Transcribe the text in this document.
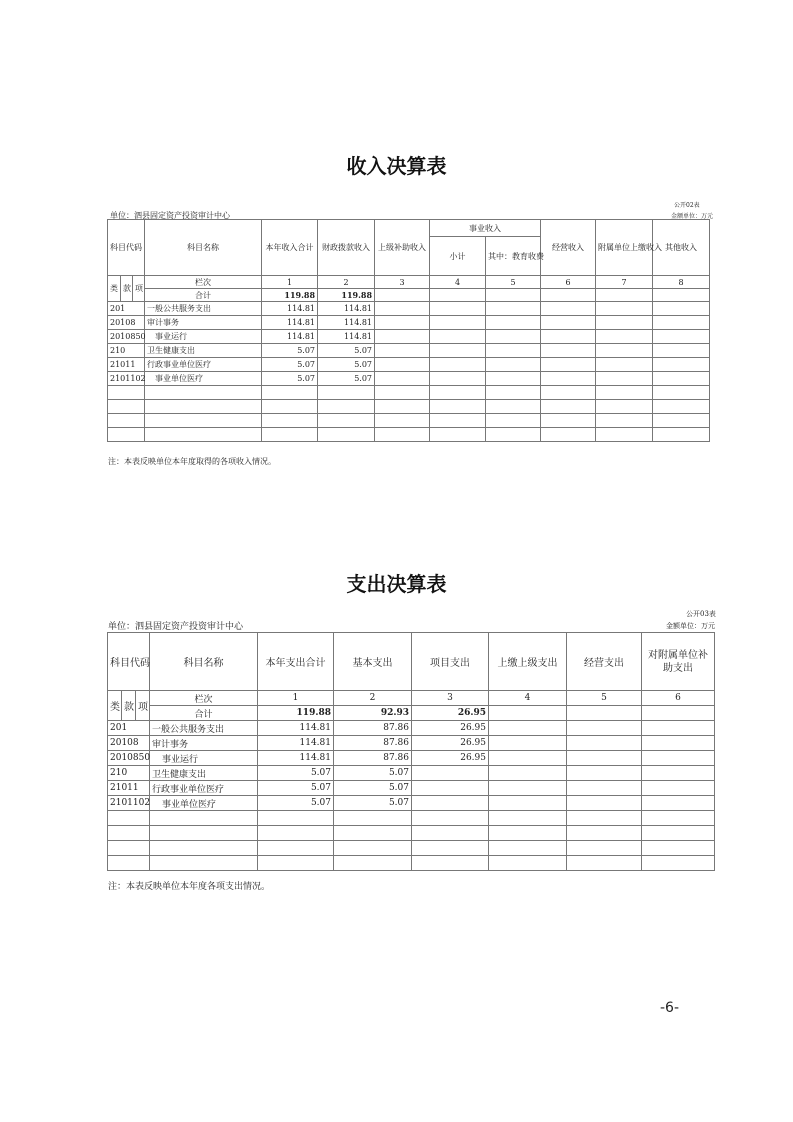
收入决算表
公开02表
单位：泗县固定资产投资审计中心	金额单位：万元
科目代码			科目名称	本年收入合计	财政拨款收入	上级补助收入	事业收入		经营收入	附属单位上缴收入	其他收入
							小计	其中：教育收费			
类	款	项	栏次	1	2	3	4	5	6	7	8
			合计	119.88	119.88						
201			一般公共服务支出	114.81	114.81						
20108			审计事务	114.81	114.81						
2010850			事业运行	114.81	114.81						
210			卫生健康支出	5.07	5.07						
21011			行政事业单位医疗	5.07	5.07						
2101102			事业单位医疗	5.07	5.07						

注：本表反映单位本年度取得的各项收入情况。
支出决算表
公开03表
单位：泗县固定资产投资审计中心	金额单位：万元
科目代码			科目名称	本年支出合计	基本支出	项目支出	上缴上级支出	经营支出	对附属单位补助支出
类	款	项	栏次	1	2	3	4	5	6
			合计	119.88	92.93	26.95			
201			一般公共服务支出	114.81	87.86	26.95			
20108			审计事务	114.81	87.86	26.95			
2010850			事业运行	114.81	87.86	26.95			
210			卫生健康支出	5.07	5.07				
21011			行政事业单位医疗	5.07	5.07				
2101102			事业单位医疗	5.07	5.07				

注：本表反映单位本年度各项支出情况。
-6-
